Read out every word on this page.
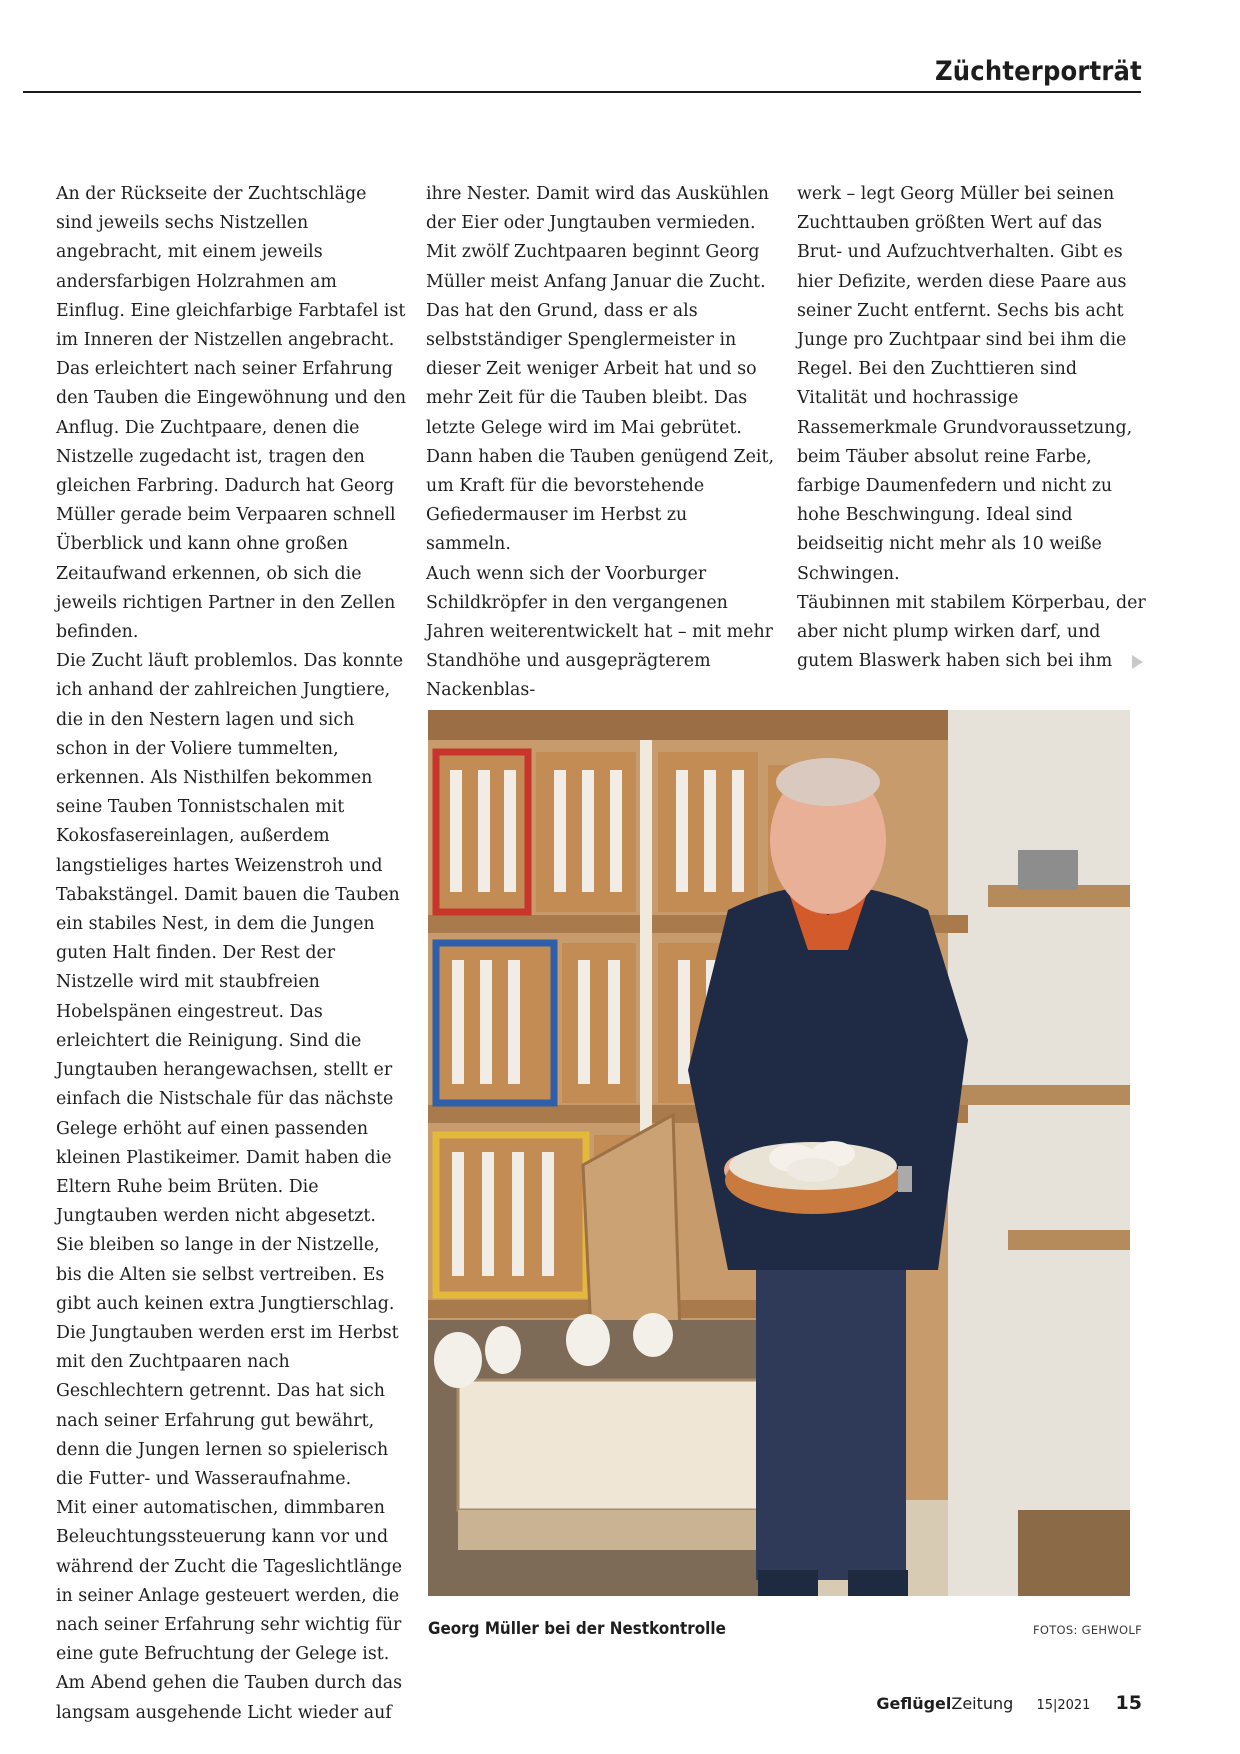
Züchterporträt

An der Rückseite der Zuchtschläge sind jeweils sechs Nistzellen angebracht, mit einem jeweils andersfarbigen Holzrahmen am Einflug. Eine gleichfarbige Farbtafel ist im Inneren der Nistzellen angebracht. Das erleichtert nach seiner Erfahrung den Tauben die Eingewöhnung und den Anflug. Die Zuchtpaare, denen die Nistzelle zugedacht ist, tragen den gleichen Farbring. Dadurch hat Georg Müller gerade beim Verpaaren schnell Überblick und kann ohne großen Zeitaufwand erkennen, ob sich die jeweils richtigen Partner in den Zellen befinden.

Die Zucht läuft problemlos. Das konnte ich anhand der zahlreichen Jungtiere, die in den Nestern lagen und sich schon in der Voliere tummelten, erkennen. Als Nisthilfen bekommen seine Tauben Tonnistschalen mit Kokosfasereinlagen, außerdem langstieliges hartes Weizenstroh und Tabakstängel. Damit bauen die Tauben ein stabiles Nest, in dem die Jungen guten Halt finden. Der Rest der Nistzelle wird mit staubfreien Hobelspänen eingestreut. Das erleichtert die Reinigung. Sind die Jungtauben herangewachsen, stellt er einfach die Nistschale für das nächste Gelege erhöht auf einen passenden kleinen Plastikeimer. Damit haben die Eltern Ruhe beim Brüten. Die Jungtauben werden nicht abgesetzt. Sie bleiben so lange in der Nistzelle, bis die Alten sie selbst vertreiben. Es gibt auch keinen extra Jungtierschlag. Die Jungtauben werden erst im Herbst mit den Zuchtpaaren nach Geschlechtern getrennt. Das hat sich nach seiner Erfahrung gut bewährt, denn die Jungen lernen so spielerisch die Futter- und Wasseraufnahme.

Mit einer automatischen, dimmbaren Beleuchtungssteuerung kann vor und während der Zucht die Tageslichtlänge in seiner Anlage gesteuert werden, die nach seiner Erfahrung sehr wichtig für eine gute Befruchtung der Gelege ist. Am Abend gehen die Tauben durch das langsam ausgehende Licht wieder auf

ihre Nester. Damit wird das Auskühlen der Eier oder Jungtauben vermieden. Mit zwölf Zuchtpaaren beginnt Georg Müller meist Anfang Januar die Zucht. Das hat den Grund, dass er als selbstständiger Spenglermeister in dieser Zeit weniger Arbeit hat und so mehr Zeit für die Tauben bleibt. Das letzte Gelege wird im Mai gebrütet. Dann haben die Tauben genügend Zeit, um Kraft für die bevorstehende Gefiedermauser im Herbst zu sammeln.

Auch wenn sich der Voorburger Schildkröpfer in den vergangenen Jahren weiterentwickelt hat – mit mehr Standhöhe und ausgeprägterem Nackenblas-

werk – legt Georg Müller bei seinen Zuchttauben größten Wert auf das Brut- und Aufzuchtverhalten. Gibt es hier Defizite, werden diese Paare aus seiner Zucht entfernt. Sechs bis acht Junge pro Zuchtpaar sind bei ihm die Regel. Bei den Zuchttieren sind Vitalität und hochrassige Rassemerkmale Grundvoraussetzung, beim Täuber absolut reine Farbe, farbige Daumenfedern und nicht zu hohe Beschwingung. Ideal sind beidseitig nicht mehr als 10 weiße Schwingen.

Täubinnen mit stabilem Körperbau, der aber nicht plump wirken darf, und gutem Blaswerk haben sich bei ihm

Georg Müller bei der Nestkontrolle	FOTOS: GEHWOLF
GeflügelZeitung 15|2021 15
